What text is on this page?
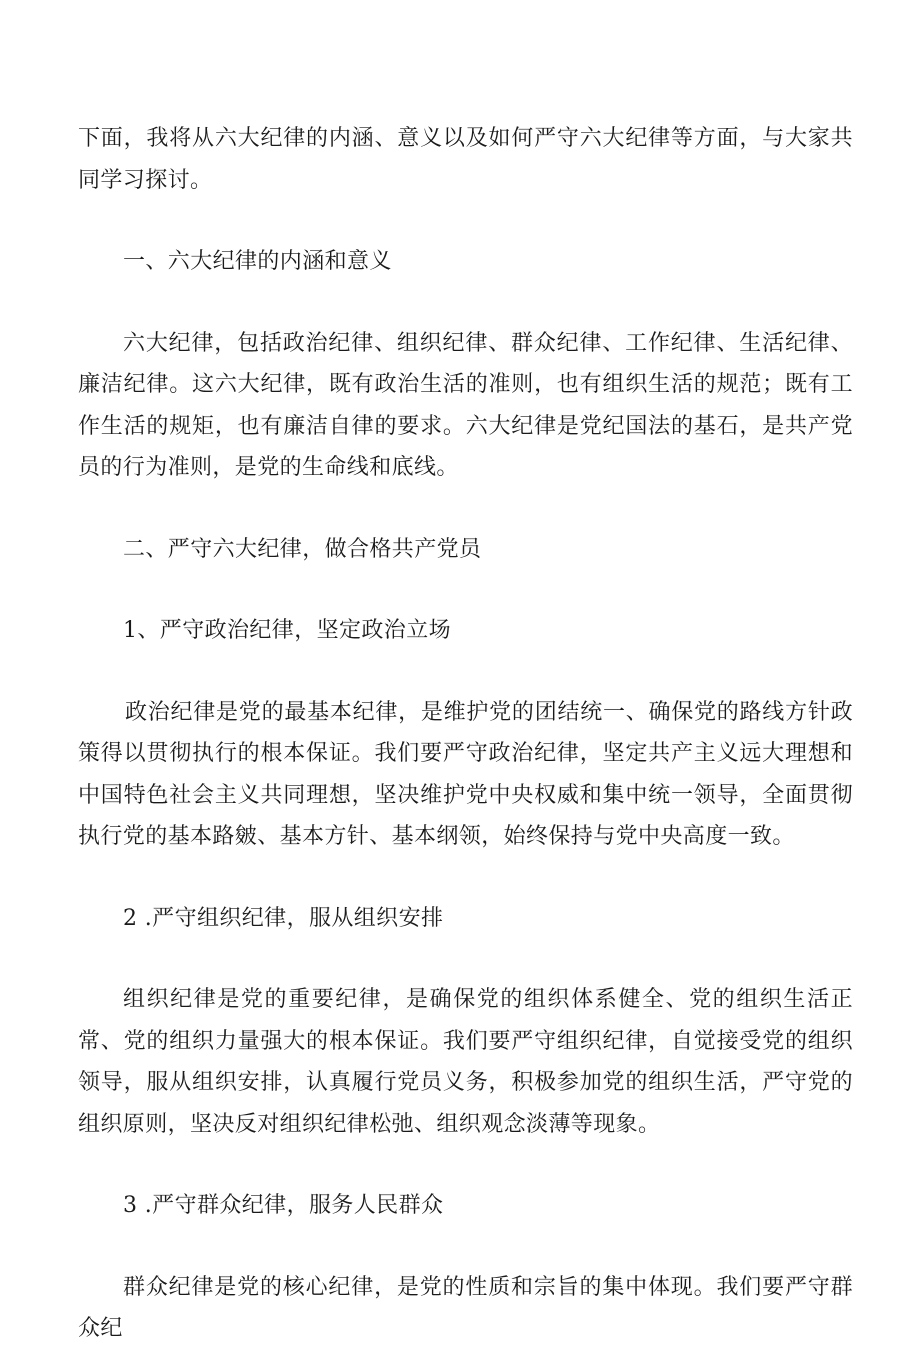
下面，我将从六大纪律的内涵、意义以及如何严守六大纪律等方面，与大家共同学习探讨。

一、六大纪律的内涵和意义

六大纪律，包括政治纪律、组织纪律、群众纪律、工作纪律、生活纪律、廉洁纪律。这六大纪律，既有政治生活的准则，也有组织生活的规范；既有工作生活的规矩，也有廉洁自律的要求。六大纪律是党纪国法的基石，是共产党员的行为准则，是党的生命线和底线。

二、严守六大纪律，做合格共产党员

1、严守政治纪律，坚定政治立场

政治纪律是党的最基本纪律，是维护党的团结统一、确保党的路线方针政策得以贯彻执行的根本保证。我们要严守政治纪律，坚定共产主义远大理想和中国特色社会主义共同理想，坚决维护党中央权威和集中统一领导，全面贯彻执行党的基本路皴、基本方针、基本纲领，始终保持与党中央高度一致。

2 .严守组织纪律，服从组织安排

组织纪律是党的重要纪律，是确保党的组织体系健全、党的组织生活正常、党的组织力量强大的根本保证。我们要严守组织纪律，自觉接受党的组织领导，服从组织安排，认真履行党员义务，积极参加党的组织生活，严守党的组织原则，坚决反对组织纪律松弛、组织观念淡薄等现象。

3 .严守群众纪律，服务人民群众

群众纪律是党的核心纪律，是党的性质和宗旨的集中体现。我们要严守群众纪
